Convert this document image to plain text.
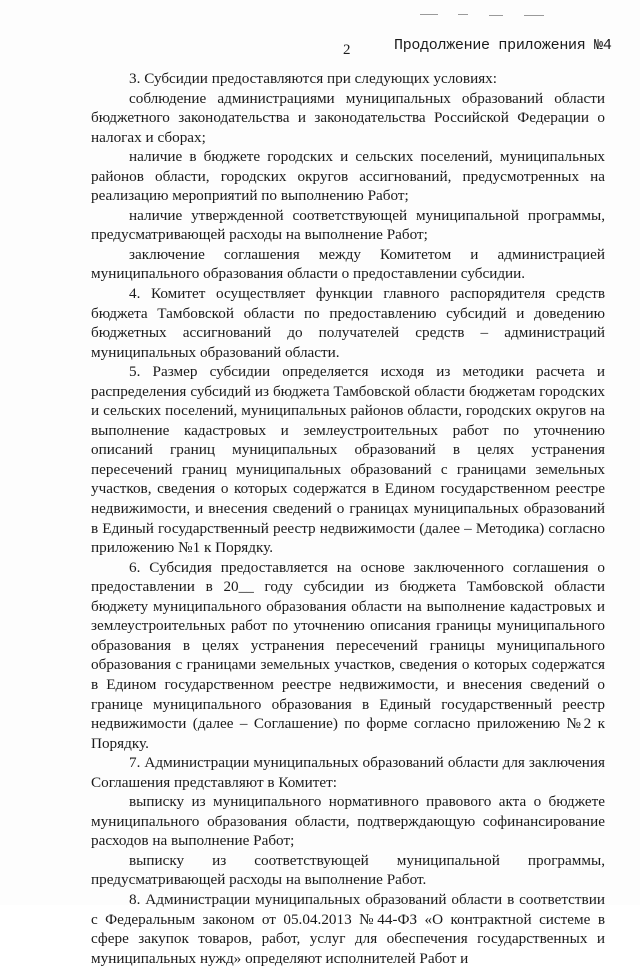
2	Продолжение приложения №4

3. Субсидии предоставляются при следующих условиях:

соблюдение администрациями муниципальных образований области бюджетного законодательства и законодательства Российской Федерации о налогах и сборах;

наличие в бюджете городских и сельских поселений, муниципальных районов области, городских округов ассигнований, предусмотренных на реализацию мероприятий по выполнению Работ;

наличие утвержденной соответствующей муниципальной программы, предусматривающей расходы на выполнение Работ;

заключение соглашения между Комитетом и администрацией муниципального образования области о предоставлении субсидии.

4. Комитет осуществляет функции главного распорядителя средств бюджета Тамбовской области по предоставлению субсидий и доведению бюджетных ассигнований до получателей средств – администраций муниципальных образований области.

5. Размер субсидии определяется исходя из методики расчета и распределения субсидий из бюджета Тамбовской области бюджетам городских и сельских поселений, муниципальных районов области, городских округов на выполнение кадастровых и землеустроительных работ по уточнению описаний границ муниципальных образований в целях устранения пересечений границ муниципальных образований с границами земельных участков, сведения о которых содержатся в Едином государственном реестре недвижимости, и внесения сведений о границах муниципальных образований в Единый государственный реестр недвижимости (далее – Методика) согласно приложению №1 к Порядку.

6. Субсидия предоставляется на основе заключенного соглашения о предоставлении в 20__ году субсидии из бюджета Тамбовской области бюджету муниципального образования области на выполнение кадастровых и землеустроительных работ по уточнению описания границы муниципального образования в целях устранения пересечений границы муниципального образования с границами земельных участков, сведения о которых содержатся в Едином государственном реестре недвижимости, и внесения сведений о границе муниципального образования в Единый государственный реестр недвижимости (далее – Соглашение) по форме согласно приложению №2 к Порядку.

7. Администрации муниципальных образований области для заключения Соглашения представляют в Комитет:

выписку из муниципального нормативного правового акта о бюджете муниципального образования области, подтверждающую софинансирование расходов на выполнение Работ;

выписку из соответствующей муниципальной программы, предусматривающей расходы на выполнение Работ.

8. Администрации муниципальных образований области в соответствии с Федеральным законом от 05.04.2013 №44-ФЗ «О контрактной системе в сфере закупок товаров, работ, услуг для обеспечения государственных и муниципальных нужд» определяют исполнителей Работ и
